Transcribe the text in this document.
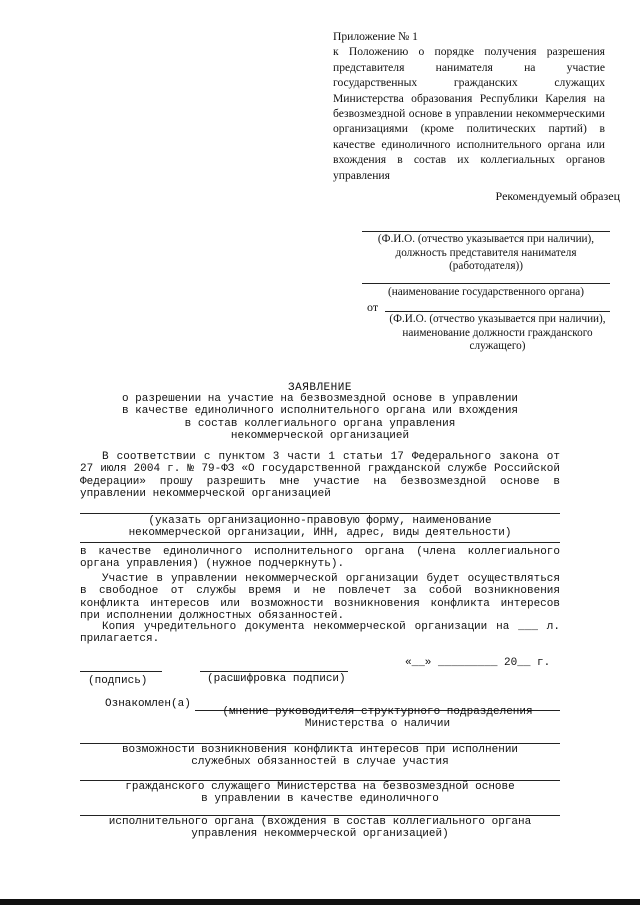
Приложение № 1
к Положению о порядке получения разрешения представителя нанимателя на участие государственных гражданских служащих Министерства образования Республики Карелия на безвозмездной основе в управлении некоммерческими организациями (кроме политических партий) в качестве единоличного исполнительного органа или вхождения в состав их коллегиальных органов управления
Рекомендуемый образец
(Ф.И.О. (отчество указывается при наличии),
должность представителя нанимателя
(работодателя))
(наименование государственного органа)
от
(Ф.И.О. (отчество указывается при наличии),
наименование должности гражданского
служащего)
ЗАЯВЛЕНИЕ
о разрешении на участие на безвозмездной основе в управлении
в качестве единоличного исполнительного органа или вхождения
в состав коллегиального органа управления
некоммерческой организацией
В соответствии с пунктом 3 части 1 статьи 17 Федерального закона от 27 июля 2004 г. № 79-ФЗ «О государственной гражданской службе Российской Федерации» прошу разрешить мне участие на безвозмездной основе в управлении некоммерческой организацией
(указать организационно-правовую форму, наименование
некоммерческой организации, ИНН, адрес, виды деятельности)
в качестве единоличного исполнительного органа (члена коллегиального органа управления) (нужное подчеркнуть).
Участие в управлении некоммерческой организации будет осуществляться в свободное от службы время и не повлечет за собой возникновения конфликта интересов или возможности возникновения конфликта интересов при исполнении должностных обязанностей.
Копия учредительного документа некоммерческой организации на ___ л. прилагается.
«__» _________ 20__ г.
(подпись)	(расшифровка подписи)
Ознакомлен(а)
(мнение руководителя структурного подразделения
Министерства о наличии
возможности возникновения конфликта интересов при исполнении
служебных обязанностей в случае участия
гражданского служащего Министерства на безвозмездной основе
в управлении в качестве единоличного
исполнительного органа (вхождения в состав коллегиального органа
управления некоммерческой организацией)
